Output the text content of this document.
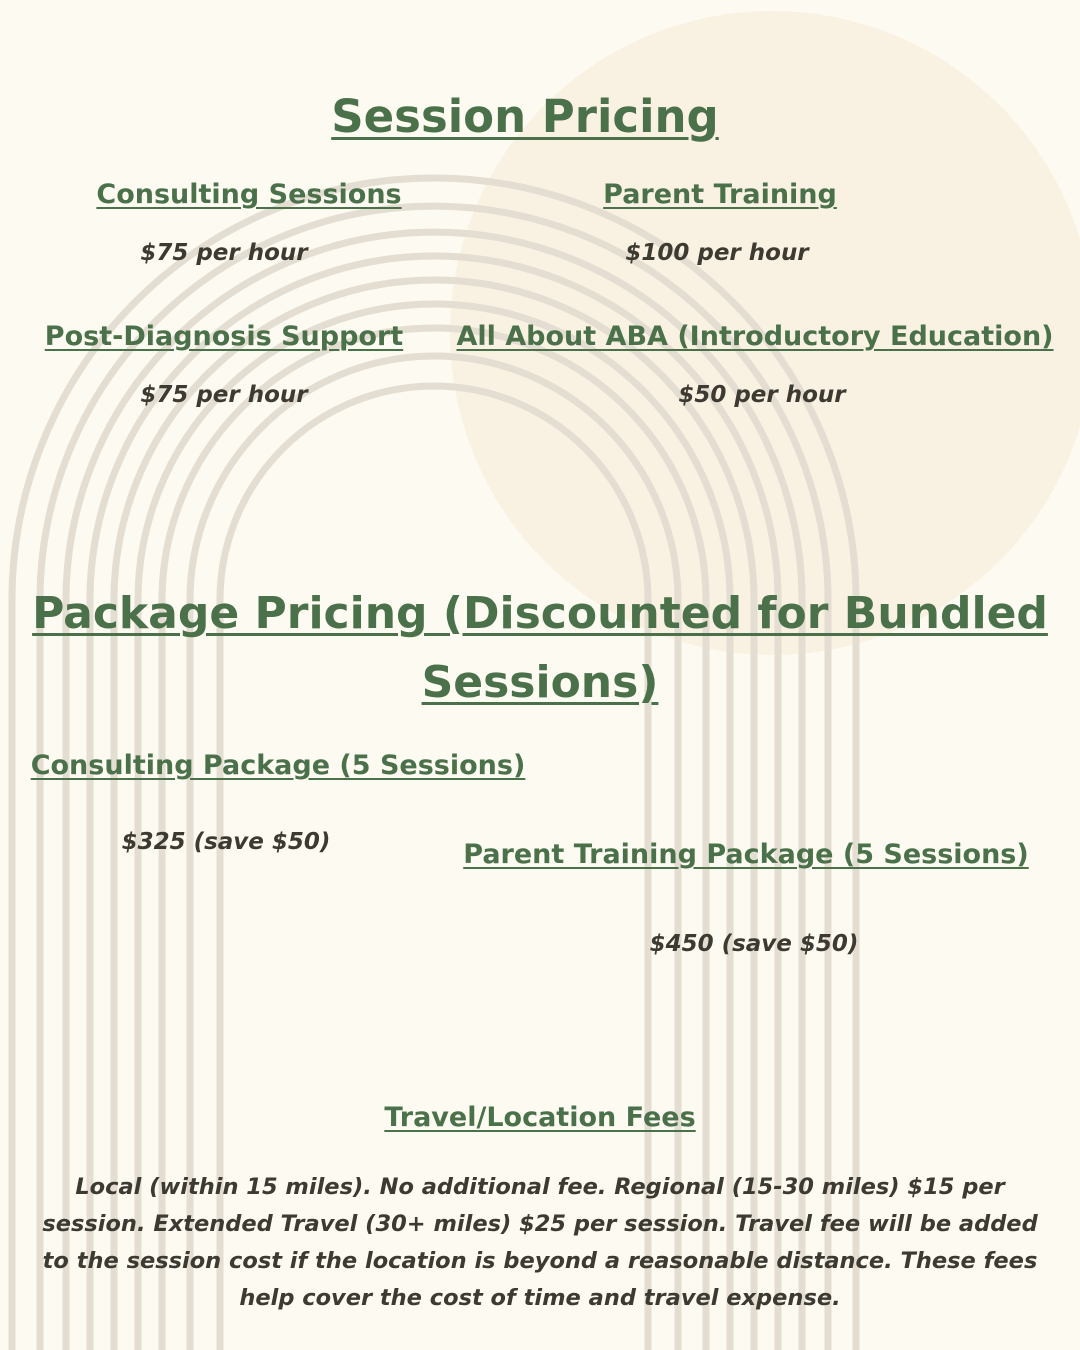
Session Pricing
Consulting Sessions
$75 per hour
Parent Training
$100 per hour
Post-Diagnosis Support
$75 per hour
All About ABA (Introductory Education)
$50 per hour
Package Pricing (Discounted for Bundled
Sessions)
Consulting Package (5 Sessions)
$325 (save $50)	Parent Training Package (5 Sessions)
$450 (save $50)
Travel/Location Fees

Local (within 15 miles). No additional fee. Regional (15-30 miles) $15 per session. Extended Travel (30+ miles) $25 per session. Travel fee will be added to the session cost if the location is beyond a reasonable distance. These fees help cover the cost of time and travel expense.
